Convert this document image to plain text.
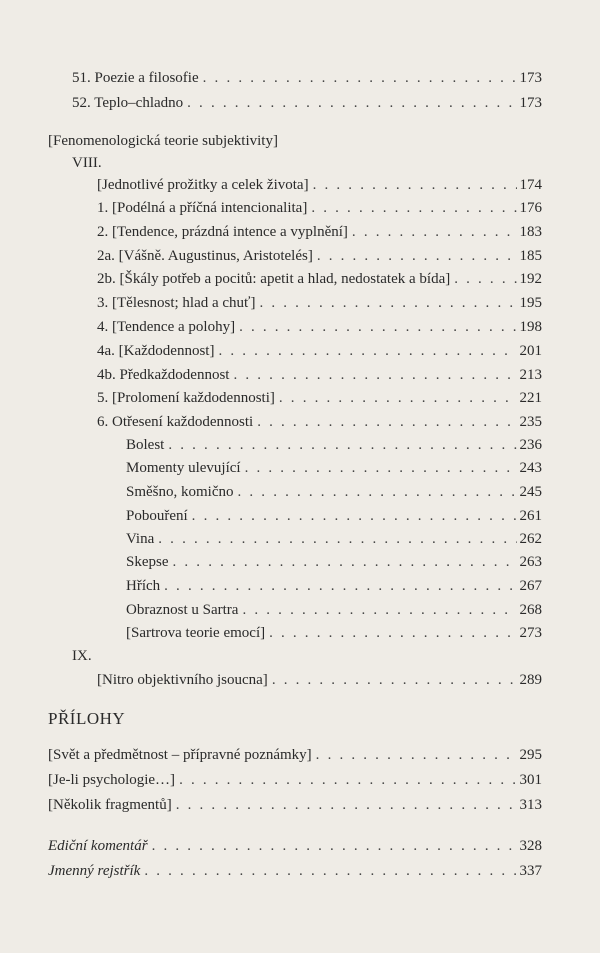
51. Poezie a filosofie . . .	173
52. Teplo–chladno . . .	173
[Fenomenologická teorie subjektivity]
VIII.
[Jednotlivé prožitky a celek života] . . .	174
1. [Podélná a příčná intencionalita] . . .	176
2. [Tendence, prázdná intence a vyplnění] . . .	183
2a. [Vášně. Augustinus, Aristotelés] . . .	185
2b. [Škály potřeb a pocitů: apetit a hlad, nedostatek a bída] . . .	192
3. [Tělesnost; hlad a chuť] . . .	195
4. [Tendence a polohy] . . .	198
4a. [Každodennost] . . .	201
4b. Předkaždodennost . . .	213
5. [Prolomení každodennosti] . . .	221
6. Otřesení každodennosti . . .	235
Bolest . . .	236
Momenty ulevující . . .	243
Směšno, komično . . .	245
Pobouření . . .	261
Vina . . .	262
Skepse . . .	263
Hřích . . .	267
Obraznost u Sartra . . .	268
[Sartrova teorie emocí] . . .	273
IX.
[Nitro objektivního jsoucna] . . .	289
PŘÍLOHY
[Svět a předmětnost – přípravné poznámky] . . .	295
[Je-li psychologie…] . . .	301
[Několik fragmentů] . . .	313
Ediční komentář . . .	328
Jmenný rejstřík . . .	337
